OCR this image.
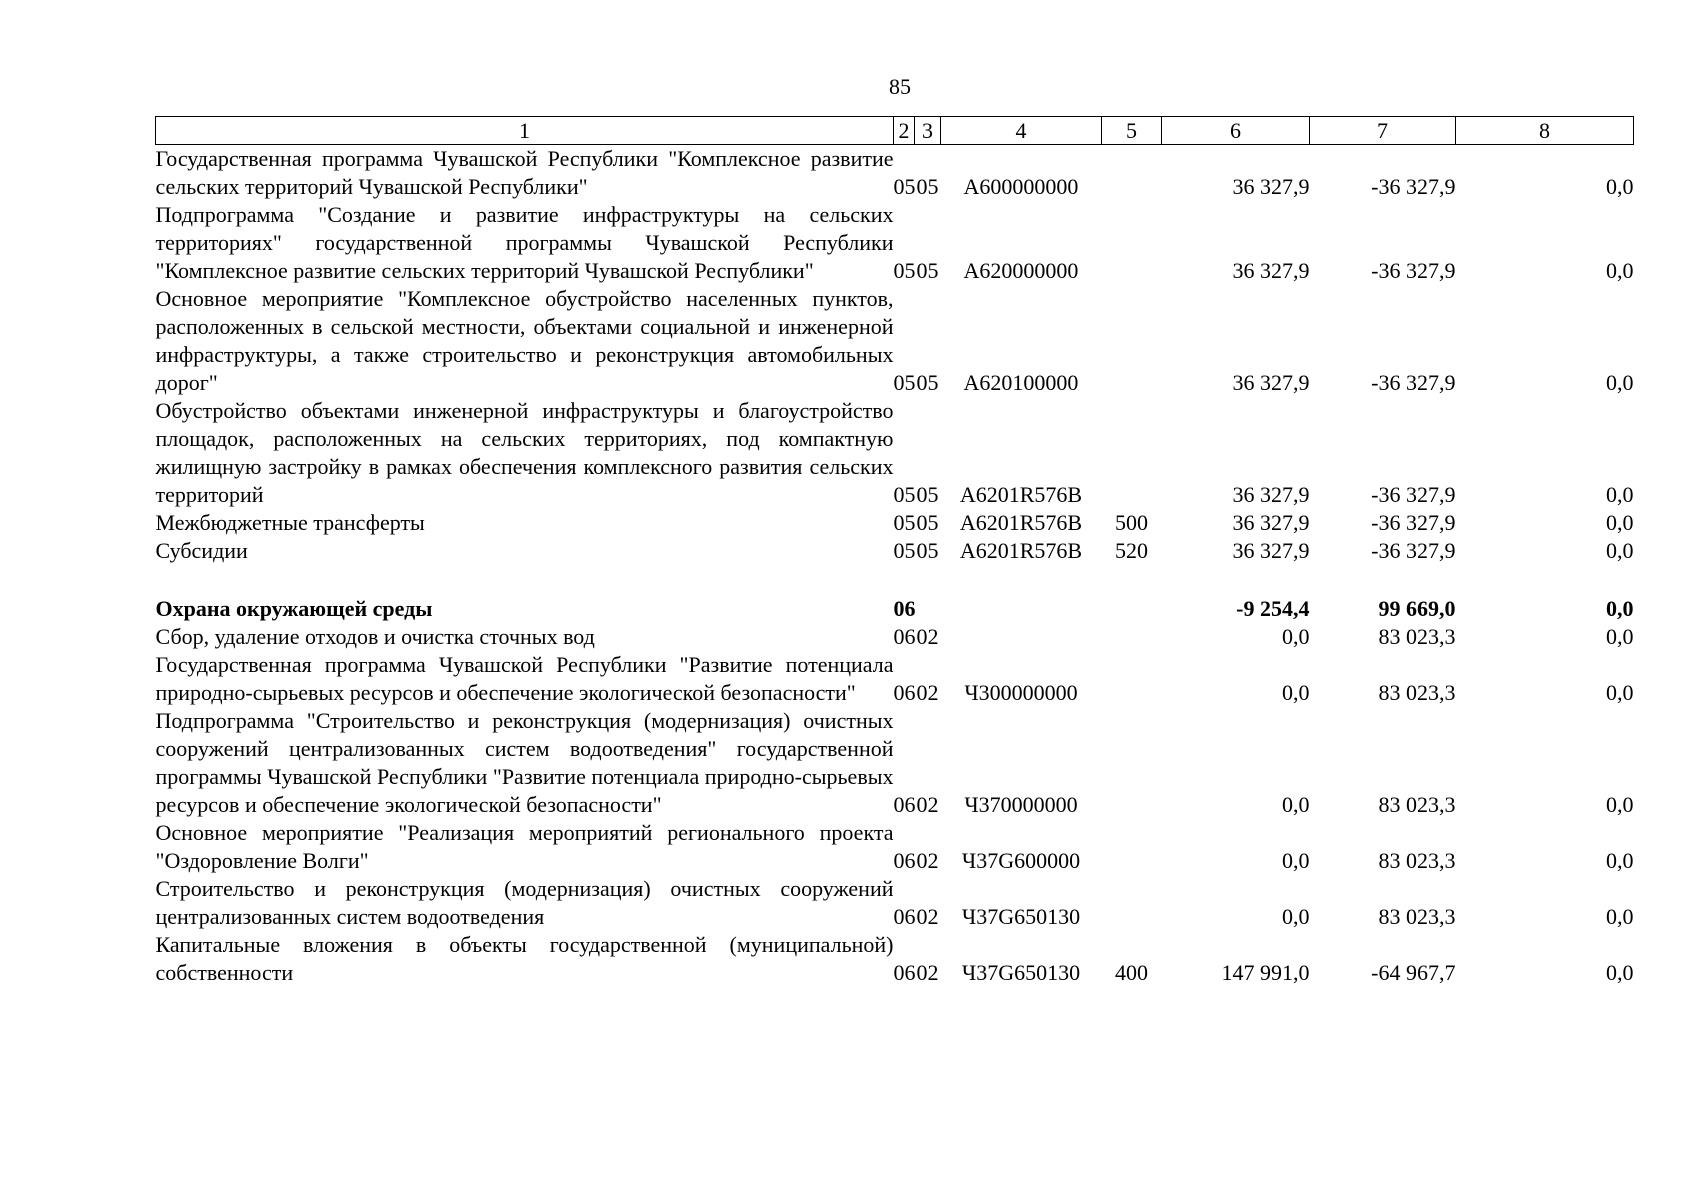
85
1	2	3	4	5	6	7	8
Государственная программа Чувашской Республики "Комплексное развитие сельских территорий Чувашской Республики"	05	05	А600000000		36 327,9	-36 327,9	0,0
Подпрограмма "Создание и развитие инфраструктуры на сельских территориях" государственной программы Чувашской Республики "Комплексное развитие сельских территорий Чувашской Республики"	05	05	А620000000		36 327,9	-36 327,9	0,0
Основное мероприятие "Комплексное обустройство населенных пунктов, расположенных в сельской местности, объектами социальной и инженерной инфраструктуры, а также строительство и реконструкция автомобильных дорог"	05	05	А620100000		36 327,9	-36 327,9	0,0
Обустройство объектами инженерной инфраструктуры и благоустройство площадок, расположенных на сельских территориях, под компактную жилищную застройку в рамках обеспечения комплексного развития сельских территорий	05	05	А6201R576В		36 327,9	-36 327,9	0,0
Межбюджетные трансферты	05	05	А6201R576В	500	36 327,9	-36 327,9	0,0
Субсидии	05	05	А6201R576В	520	36 327,9	-36 327,9	0,0

Охрана окружающей среды	06				-9 254,4	99 669,0	0,0
Сбор, удаление отходов и очистка сточных вод	06	02			0,0	83 023,3	0,0
Государственная программа Чувашской Республики "Развитие потенциала природно-сырьевых ресурсов и обеспечение экологической безопасности"	06	02	Ч300000000		0,0	83 023,3	0,0
Подпрограмма "Строительство и реконструкция (модернизация) очистных сооружений централизованных систем водоотведения" государственной программы Чувашской Республики "Развитие потенциала природно-сырьевых ресурсов и обеспечение экологической безопасности"	06	02	Ч370000000		0,0	83 023,3	0,0
Основное мероприятие "Реализация мероприятий регионального проекта "Оздоровление Волги"	06	02	Ч37G600000		0,0	83 023,3	0,0
Строительство и реконструкция (модернизация) очистных сооружений централизованных систем водоотведения	06	02	Ч37G650130		0,0	83 023,3	0,0
Капитальные вложения в объекты государственной (муниципальной) собственности	06	02	Ч37G650130	400	147 991,0	-64 967,7	0,0
